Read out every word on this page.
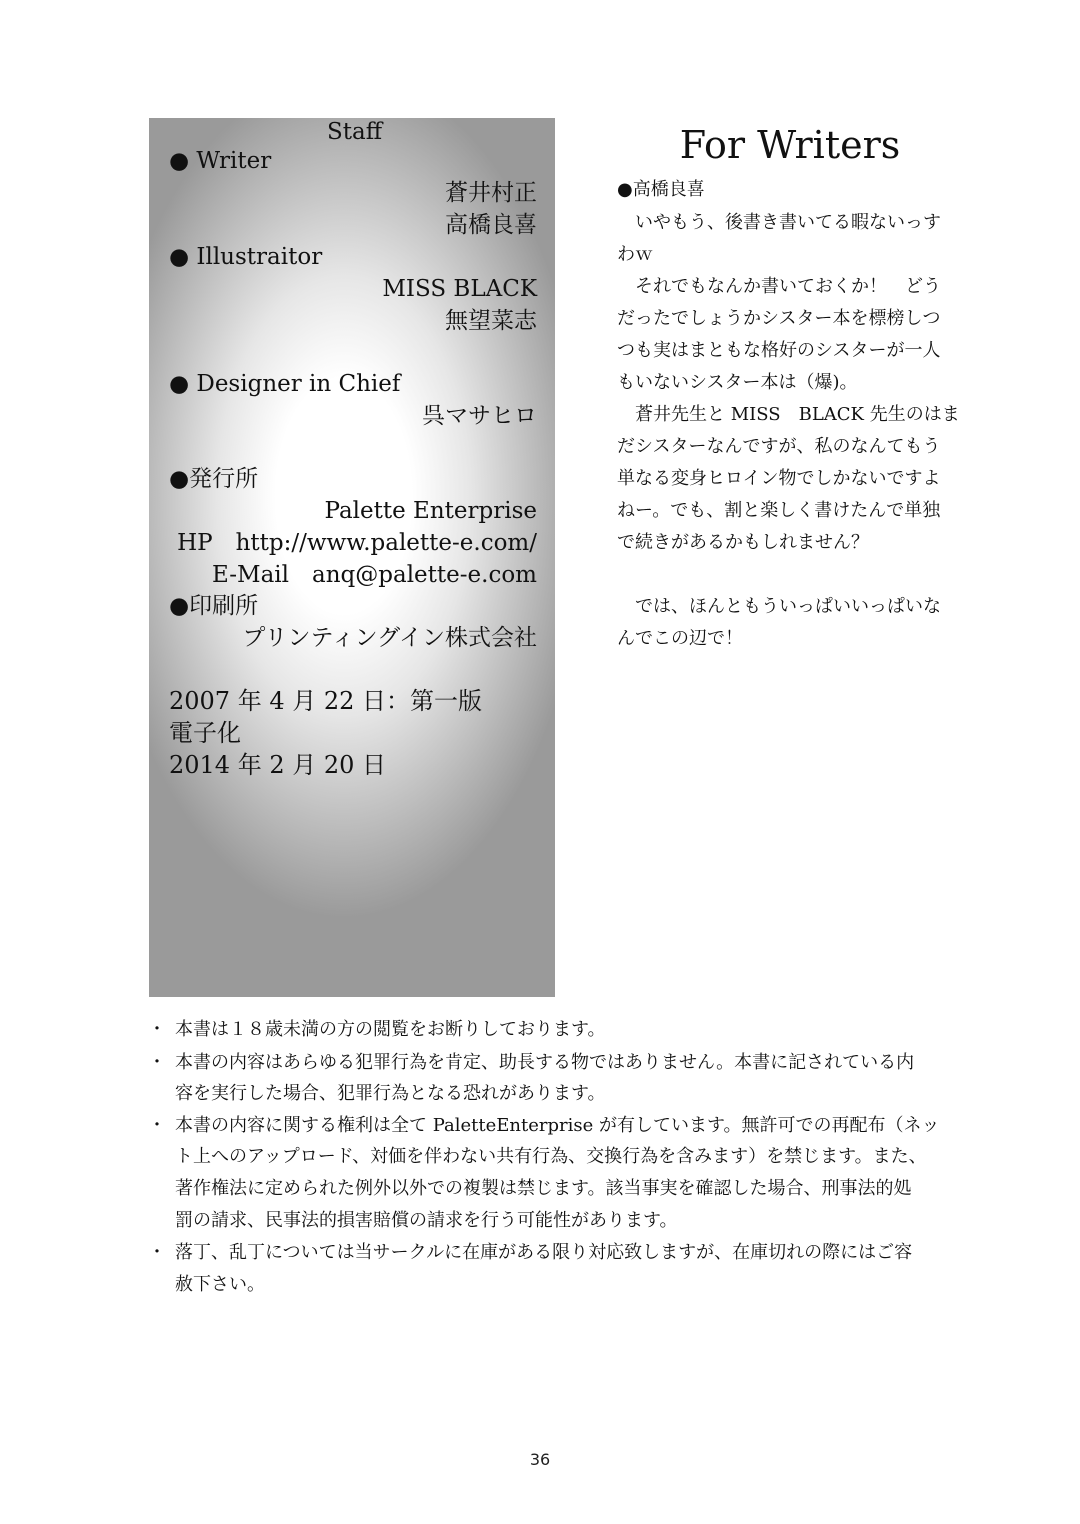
Staff
● Writer
蒼井村正
高橋良喜
● Illustraitor
MISS BLACK
無望菜志
● Designer in Chief
呉マサヒロ
●発行所
Palette Enterprise
HP　http://www.palette-e.com/
E-Mail　anq@palette-e.com
●印刷所
プリンティングイン株式会社
2007 年 4 月 22 日：第一版
電子化
2014 年 2 月 20 日
For Writers
●高橋良喜
　いやもう、後書き書いてる暇ないっす
わｗ
　それでもなんか書いておくか！　どう
だったでしょうかシスター本を標榜しつ
つも実はまともな格好のシスターが一人
もいないシスター本は（爆)。
　蒼井先生と MISS　BLACK 先生のはま
だシスターなんですが、私のなんてもう
単なる変身ヒロイン物でしかないですよ
ねー。でも、割と楽しく書けたんで単独
で続きがあるかもしれません？
　では、ほんともういっぱいいっぱいな
んでこの辺で！
・ 本書は１８歳未満の方の閲覧をお断りしております。
・ 本書の内容はあらゆる犯罪行為を肯定、助長する物ではありません。本書に記されている内
容を実行した場合、犯罪行為となる恐れがあります。
・ 本書の内容に関する権利は全て PaletteEnterprise が有しています。無許可での再配布（ネッ
ト上へのアップロード、対価を伴わない共有行為、交換行為を含みます）を禁じます。また、
著作権法に定められた例外以外での複製は禁じます。該当事実を確認した場合、刑事法的処
罰の請求、民事法的損害賠償の請求を行う可能性があります。
・ 落丁、乱丁については当サークルに在庫がある限り対応致しますが、在庫切れの際にはご容
赦下さい。
36
